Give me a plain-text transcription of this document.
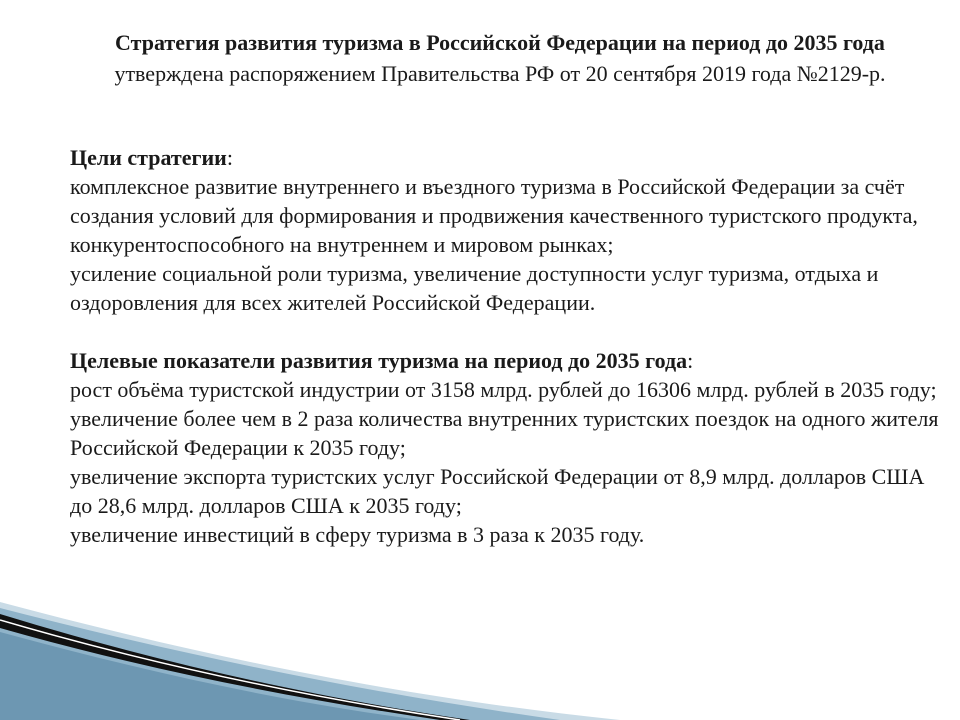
Стратегия развития туризма в Российской Федерации на период до 2035 года утверждена распоряжением Правительства РФ от 20 сентября 2019 года №2129-р.

Цели стратегии:

комплексное развитие внутреннего и въездного туризма в Российской Федерации за счёт создания условий для формирования и продвижения качественного туристского продукта, конкурентоспособного на внутреннем и мировом рынках;

усиление социальной роли туризма, увеличение доступности услуг туризма, отдыха и оздоровления для всех жителей Российской Федерации.

Целевые показатели развития туризма на период до 2035 года:

рост объёма туристской индустрии от 3158 млрд. рублей до 16306 млрд. рублей в 2035 году;

увеличение более чем в 2 раза количества внутренних туристских поездок на одного жителя Российской Федерации к 2035 году;

увеличение экспорта туристских услуг Российской Федерации от 8,9 млрд. долларов США до 28,6 млрд. долларов США к 2035 году;

увеличение инвестиций в сферу туризма в 3 раза к 2035 году.
